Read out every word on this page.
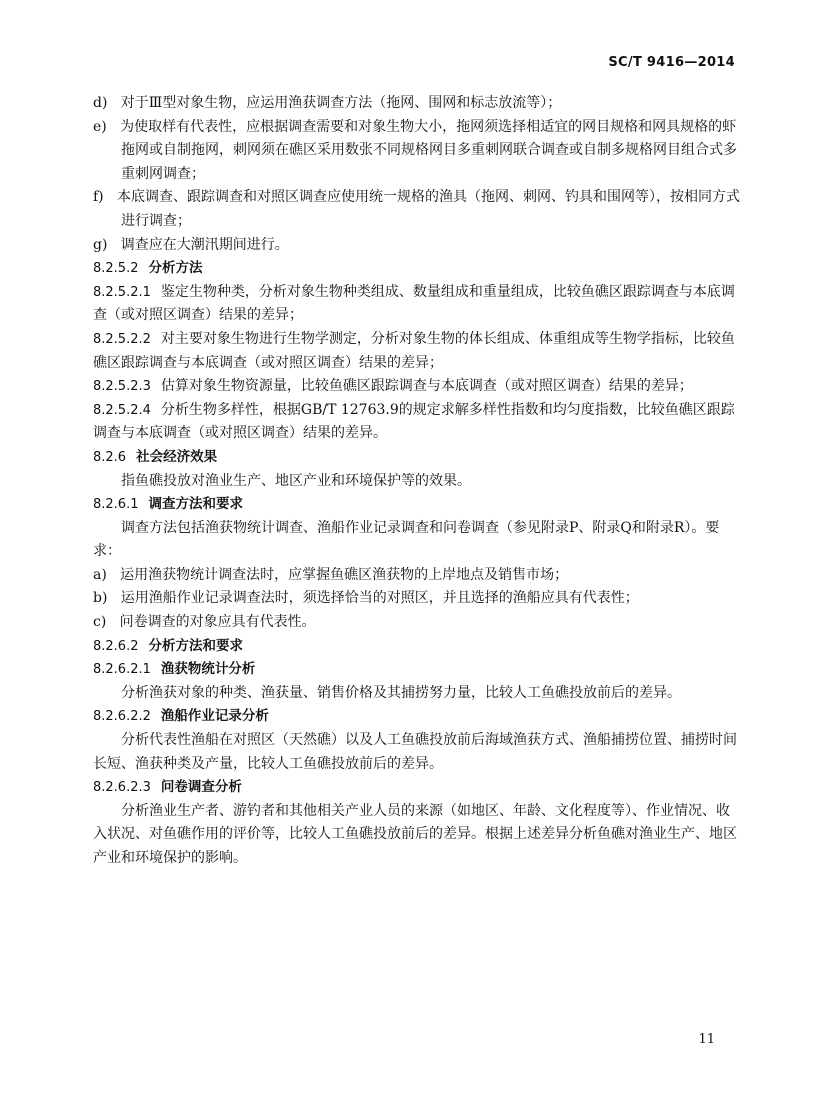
SC/T 9416—2014

d) 对于Ⅲ型对象生物，应运用渔获调查方法（拖网、围网和标志放流等）；

e) 为使取样有代表性，应根据调查需要和对象生物大小，拖网须选择相适宜的网目规格和网具规格的虾拖网或自制拖网，刺网须在礁区采用数张不同规格网目多重刺网联合调查或自制多规格网目组合式多重刺网调查；

f) 本底调查、跟踪调查和对照区调查应使用统一规格的渔具（拖网、刺网、钓具和围网等），按相同方式进行调查；

g) 调查应在大潮汛期间进行。

8.2.5.2 分析方法

8.2.5.2.1 鉴定生物种类，分析对象生物种类组成、数量组成和重量组成，比较鱼礁区跟踪调查与本底调查（或对照区调查）结果的差异；

8.2.5.2.2 对主要对象生物进行生物学测定，分析对象生物的体长组成、体重组成等生物学指标，比较鱼礁区跟踪调查与本底调查（或对照区调查）结果的差异；

8.2.5.2.3 估算对象生物资源量，比较鱼礁区跟踪调查与本底调查（或对照区调查）结果的差异；

8.2.5.2.4 分析生物多样性，根据GB/T 12763.9的规定求解多样性指数和均匀度指数，比较鱼礁区跟踪调查与本底调查（或对照区调查）结果的差异。

8.2.6 社会经济效果

指鱼礁投放对渔业生产、地区产业和环境保护等的效果。

8.2.6.1 调查方法和要求

调查方法包括渔获物统计调查、渔船作业记录调查和问卷调查（参见附录P、附录Q和附录R）。要求：

a) 运用渔获物统计调查法时，应掌握鱼礁区渔获物的上岸地点及销售市场；

b) 运用渔船作业记录调查法时，须选择恰当的对照区，并且选择的渔船应具有代表性；

c) 问卷调查的对象应具有代表性。

8.2.6.2 分析方法和要求

8.2.6.2.1 渔获物统计分析

分析渔获对象的种类、渔获量、销售价格及其捕捞努力量，比较人工鱼礁投放前后的差异。

8.2.6.2.2 渔船作业记录分析

分析代表性渔船在对照区（天然礁）以及人工鱼礁投放前后海域渔获方式、渔船捕捞位置、捕捞时间长短、渔获种类及产量，比较人工鱼礁投放前后的差异。

8.2.6.2.3 问卷调查分析

分析渔业生产者、游钓者和其他相关产业人员的来源（如地区、年龄、文化程度等）、作业情况、收入状况、对鱼礁作用的评价等，比较人工鱼礁投放前后的差异。根据上述差异分析鱼礁对渔业生产、地区产业和环境保护的影响。

11
